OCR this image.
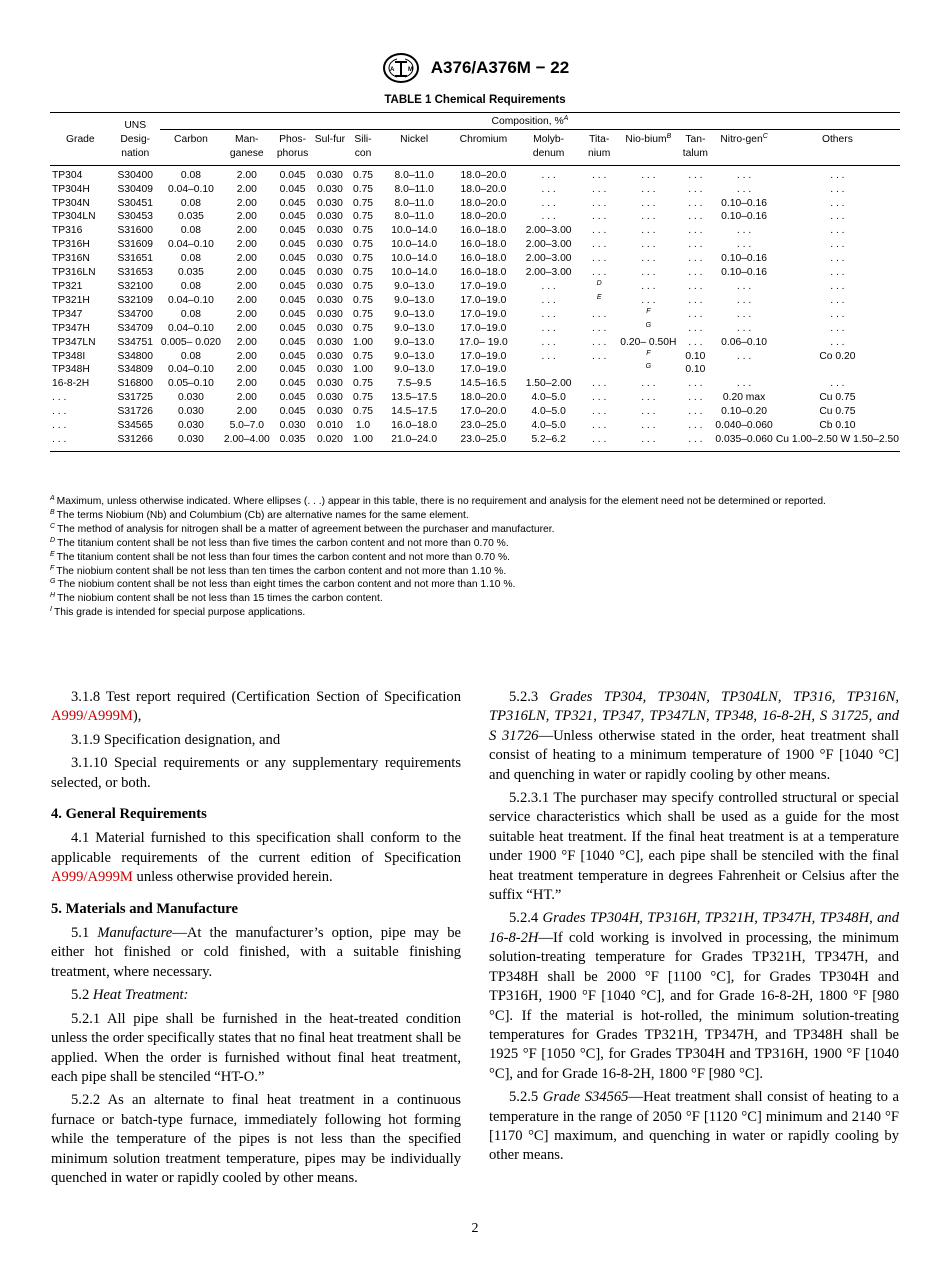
A M A376/A376M − 22
TABLE 1 Chemical Requirements
Grade	UNS Desig-nation	Composition, %$^A$
		Carbon	Man-ganese	Phos-phorus	Sul-fur	Sili-con	Nickel	Chromium	Molyb-denum	Tita-nium	Nio-bium$^B$	Tan-talum	Nitro-gen$^C$	Others
TP304	S30400	0.08	2.00	0.045	0.030	0.75	8.0–11.0	18.0–20.0	. . .	. . .	. . .	. . .	. . .	. . .
TP304H	S30409	0.04–0.10	2.00	0.045	0.030	0.75	8.0–11.0	18.0–20.0	. . .	. . .	. . .	. . .	. . .	. . .
TP304N	S30451	0.08	2.00	0.045	0.030	0.75	8.0–11.0	18.0–20.0	. . .	. . .	. . .	. . .	0.10–0.16	. . .
TP304LN	S30453	0.035	2.00	0.045	0.030	0.75	8.0–11.0	18.0–20.0	. . .	. . .	. . .	. . .	0.10–0.16	. . .
TP316	S31600	0.08	2.00	0.045	0.030	0.75	10.0–14.0	16.0–18.0	2.00–3.00	. . .	. . .	. . .	. . .	. . .
TP316H	S31609	0.04–0.10	2.00	0.045	0.030	0.75	10.0–14.0	16.0–18.0	2.00–3.00	. . .	. . .	. . .	. . .	. . .
TP316N	S31651	0.08	2.00	0.045	0.030	0.75	10.0–14.0	16.0–18.0	2.00–3.00	. . .	. . .	. . .	0.10–0.16	. . .
TP316LN	S31653	0.035	2.00	0.045	0.030	0.75	10.0–14.0	16.0–18.0	2.00–3.00	. . .	. . .	. . .	0.10–0.16	. . .
TP321	S32100	0.08	2.00	0.045	0.030	0.75	9.0–13.0	17.0–19.0	. . .	$^D$	. . .	. . .	. . .	. . .
TP321H	S32109	0.04–0.10	2.00	0.045	0.030	0.75	9.0–13.0	17.0–19.0	. . .	$^E$	. . .	. . .	. . .	. . .
TP347	S34700	0.08	2.00	0.045	0.030	0.75	9.0–13.0	17.0–19.0	. . .	. . .	$^F$	. . .	. . .	. . .
TP347H	S34709	0.04–0.10	2.00	0.045	0.030	0.75	9.0–13.0	17.0–19.0	. . .	. . .	$^G$	. . .	. . .	. . .
TP347LN	S34751	0.005– 0.020	2.00	0.045	0.030	1.00	9.0–13.0	17.0– 19.0	. . .	. . .	0.20– 0.50H	. . .	0.06–0.10	. . .
TP348I	S34800	0.08	2.00	0.045	0.030	0.75	9.0–13.0	17.0–19.0	. . .	. . .	$^F$	0.10	. . .	Co 0.20
TP348H	S34809	0.04–0.10	2.00	0.045	0.030	1.00	9.0–13.0	17.0–19.0			$^G$	0.10		
16-8-2H	S16800	0.05–0.10	2.00	0.045	0.030	0.75	7.5–9.5	14.5–16.5	1.50–2.00	. . .	. . .	. . .	. . .	. . .
. . .	S31725	0.030	2.00	0.045	0.030	0.75	13.5–17.5	18.0–20.0	4.0–5.0	. . .	. . .	. . .	0.20 max	Cu 0.75
. . .	S31726	0.030	2.00	0.045	0.030	0.75	14.5–17.5	17.0–20.0	4.0–5.0	. . .	. . .	. . .	0.10–0.20	Cu 0.75
. . .	S34565	0.030	5.0–7.0	0.030	0.010	1.0	16.0–18.0	23.0–25.0	4.0–5.0	. . .	. . .	. . .	0.040–0.060	Cb 0.10
. . .	S31266	0.030	2.00–4.00	0.035	0.020	1.00	21.0–24.0	23.0–25.0	5.2–6.2	. . .	. . .	. . .	0.035–0.060	Cu 1.00–2.50 W 1.50–2.50
$^A$ Maximum, unless otherwise indicated. Where ellipses (. . .) appear in this table, there is no requirement and analysis for the element need not be determined or reported.
$^B$ The terms Niobium (Nb) and Columbium (Cb) are alternative names for the same element.
$^C$ The method of analysis for nitrogen shall be a matter of agreement between the purchaser and manufacturer.
$^D$ The titanium content shall be not less than five times the carbon content and not more than 0.70 %.
$^E$ The titanium content shall be not less than four times the carbon content and not more than 0.70 %.
$^F$ The niobium content shall be not less than ten times the carbon content and not more than 1.10 %.
$^G$ The niobium content shall be not less than eight times the carbon content and not more than 1.10 %.
$^H$ The niobium content shall be not less than 15 times the carbon content.
$^I$ This grade is intended for special purpose applications.

3.1.8 Test report required (Certification Section of Specification A999/A999M),

3.1.9 Specification designation, and

3.1.10 Special requirements or any supplementary requirements selected, or both.

4. General Requirements

4.1 Material furnished to this specification shall conform to the applicable requirements of the current edition of Specification A999/A999M unless otherwise provided herein.

5. Materials and Manufacture

5.1 Manufacture—At the manufacturer’s option, pipe may be either hot finished or cold finished, with a suitable finishing treatment, where necessary.

5.2 Heat Treatment:

5.2.1 All pipe shall be furnished in the heat-treated condition unless the order specifically states that no final heat treatment shall be applied. When the order is furnished without final heat treatment, each pipe shall be stenciled “HT-O.”

5.2.2 As an alternate to final heat treatment in a continuous furnace or batch-type furnace, immediately following hot forming while the temperature of the pipes is not less than the specified minimum solution treatment temperature, pipes may be individually quenched in water or rapidly cooled by other means.

5.2.3 Grades TP304, TP304N, TP304LN, TP316, TP316N, TP316LN, TP321, TP347, TP347LN, TP348, 16-8-2H, S 31725, and S 31726—Unless otherwise stated in the order, heat treatment shall consist of heating to a minimum temperature of 1900 °F [1040 °C] and quenching in water or rapidly cooling by other means.

5.2.3.1 The purchaser may specify controlled structural or special service characteristics which shall be used as a guide for the most suitable heat treatment. If the final heat treatment is at a temperature under 1900 °F [1040 °C], each pipe shall be stenciled with the final heat treatment temperature in degrees Fahrenheit or Celsius after the suffix “HT.”

5.2.4 Grades TP304H, TP316H, TP321H, TP347H, TP348H, and 16-8-2H—If cold working is involved in processing, the minimum solution-treating temperature for Grades TP321H, TP347H, and TP348H shall be 2000 °F [1100 °C], for Grades TP304H and TP316H, 1900 °F [1040 °C], and for Grade 16-8-2H, 1800 °F [980 °C]. If the material is hot-rolled, the minimum solution-treating temperatures for Grades TP321H, TP347H, and TP348H shall be 1925 °F [1050 °C], for Grades TP304H and TP316H, 1900 °F [1040 °C], and for Grade 16-8-2H, 1800 °F [980 °C].

5.2.5 Grade S34565—Heat treatment shall consist of heating to a temperature in the range of 2050 °F [1120 °C] minimum and 2140 °F [1170 °C] maximum, and quenching in water or rapidly cooling by other means.

2
